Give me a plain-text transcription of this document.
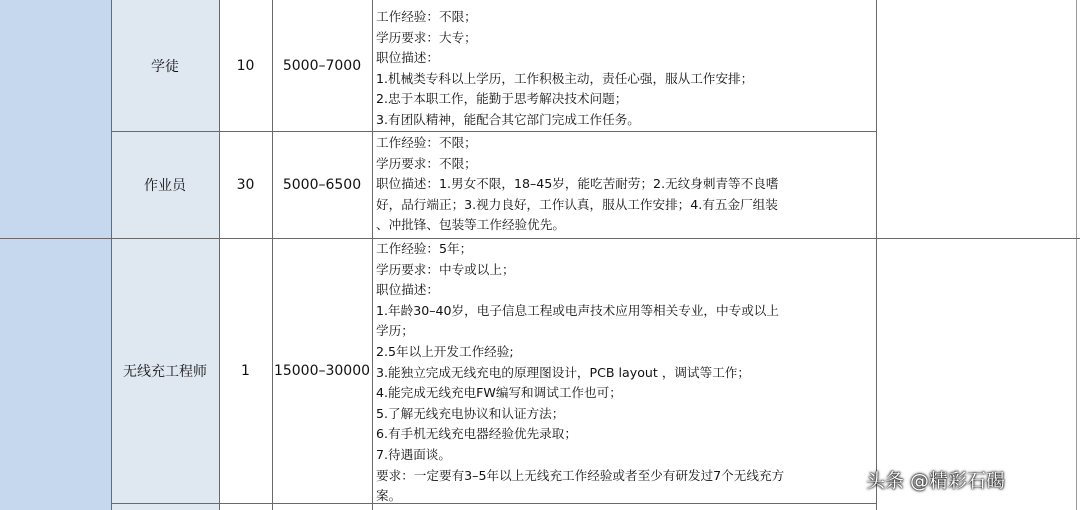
学徒	10	5000–7000
工作经验：不限；
学历要求：大专；
职位描述：
1.机械类专科以上学历，工作积极主动，责任心强，服从工作安排；
2.忠于本职工作，能勤于思考解决技术问题；
3.有团队精神，能配合其它部门完成工作任务。
作业员	30	5000–6500
工作经验：不限；
学历要求：不限；
职位描述：1.男女不限，18–45岁，能吃苦耐劳；2.无纹身刺青等不良嗜
好，品行端正；3.视力良好，工作认真，服从工作安排；4.有五金厂组装
、冲批锋、包装等工作经验优先。
无线充工程师	1	15000–30000
工作经验：5年；
学历要求：中专或以上；
职位描述：
1.年龄30–40岁，电子信息工程或电声技术应用等相关专业，中专或以上
学历；
2.5年以上开发工作经验;
3.能独立完成无线充电的原理图设计，PCB layout ，调试等工作；
4.能完成无线充电FW编写和调试工作也可；
5.了解无线充电协议和认证方法；
6.有手机无线充电器经验优先录取；
7.待遇面谈。
要求：一定要有3–5年以上无线充工作经验或者至少有研发过7个无线充方
案。
头条 @精彩石碣
